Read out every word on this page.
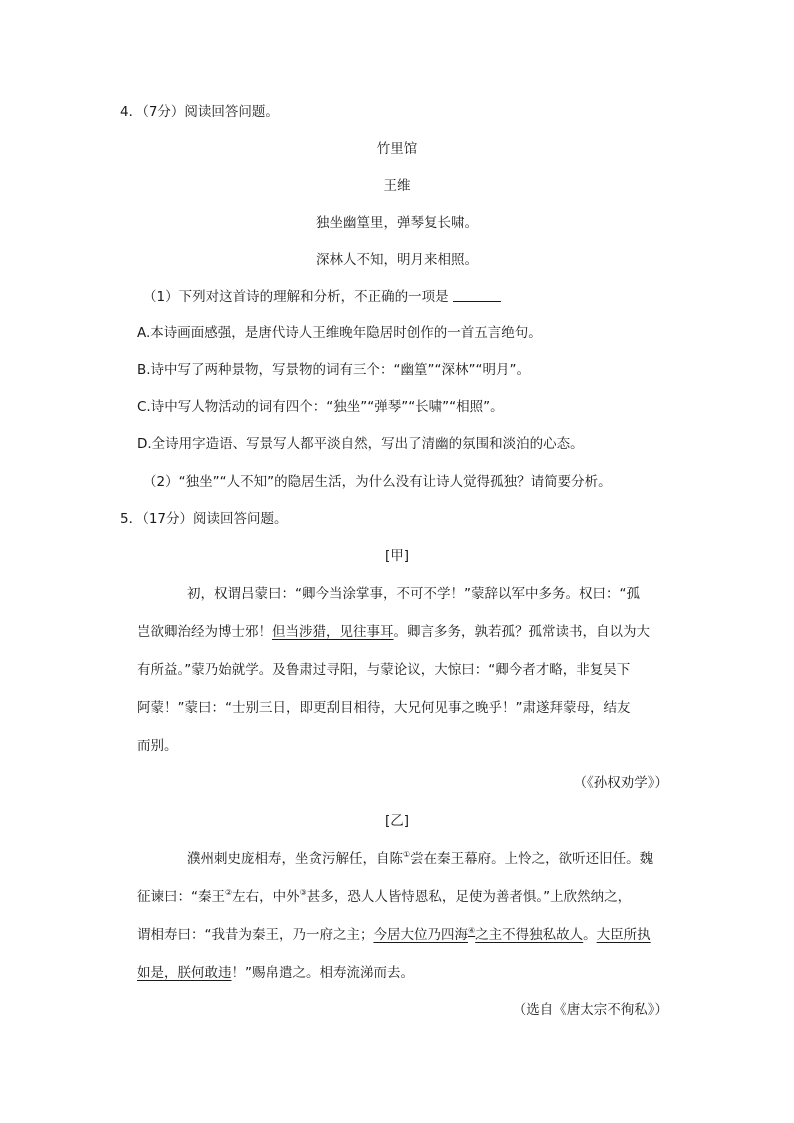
4．（7分）阅读回答问题。
竹里馆
王维
独坐幽篁里，弹琴复长啸。
深林人不知，明月来相照。
（1）下列对这首诗的理解和分析，不正确的一项是
A.本诗画面感强，是唐代诗人王维晚年隐居时创作的一首五言绝句。
B.诗中写了两种景物，写景物的词有三个：“幽篁”“深林”“明月”。
C.诗中写人物活动的词有四个：“独坐”“弹琴”“长啸”“相照”。
D.全诗用字造语、写景写人都平淡自然，写出了清幽的氛围和淡泊的心态。
（2）“独坐”“人不知”的隐居生活，为什么没有让诗人觉得孤独？请简要分析。
5．（17分）阅读回答问题。
[甲]
初，权谓吕蒙曰：“卿今当涂掌事，不可不学！”蒙辞以军中多务。权曰：“孤
岂欲卿治经为博士邪！但当涉猎，见往事耳。卿言多务，孰若孤？孤常读书，自以为大
有所益。”蒙乃始就学。及鲁肃过寻阳，与蒙论议，大惊曰：“卿今者才略，非复吴下
阿蒙！”蒙曰：“士别三日，即更刮目相待，大兄何见事之晚乎！”肃遂拜蒙母，结友
而别。
（《孙权劝学》）
[乙]
濮州刺史庞相寿，坐贪污解任，自陈①尝在秦王幕府。上怜之，欲听还旧任。魏
征谏曰：“秦王②左右，中外③甚多，恐人人皆恃恩私，足使为善者惧。”上欣然纳之，
谓相寿曰：“我昔为秦王，乃一府之主；今居大位乃四海④之主不得独私故人。大臣所执
如是，朕何敢违！”赐帛遣之。相寿流涕而去。
（选自《唐太宗不徇私》）
